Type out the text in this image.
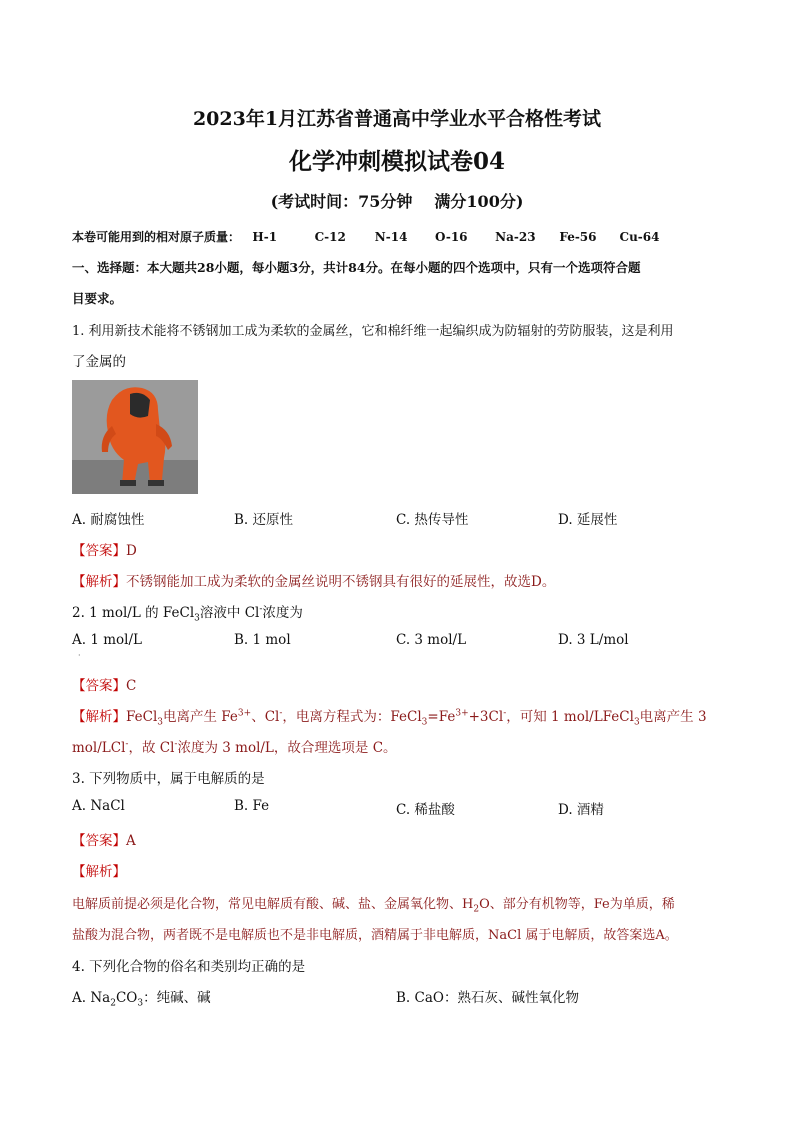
2023年1月江苏省普通高中学业水平合格性考试
化学冲刺模拟试卷04
(考试时间：75分钟 满分100分)
本卷可能用到的相对原子质量： H-1	C-12 N-14 O-16 Na-23 Fe-56 Cu-64
一、选择题：本大题共28小题，每小题3分，共计84分。在每小题的四个选项中，只有一个选项符合题
目要求。
1. 利用新技术能将不锈钢加工成为柔软的金属丝，它和棉纤维一起编织成为防辐射的劳防服装，这是利用
了金属的
A. 耐腐蚀性	B. 还原性	C. 热传导性	D. 延展性
【答案】D
【解析】不锈钢能加工成为柔软的金属丝说明不锈钢具有很好的延展性，故选D。
2. 1 mol/L 的 FeCl$_3$溶液中 Cl-浓度为
A. 1 mol/L	B. 1 mol	C. 3 mol/L	D. 3 L/mol
·
【答案】C
【解析】FeCl$_3$电离产生 $Fe^{3+}$、Cl-，电离方程式为：$FeCl_3=Fe^{3+}+3Cl^-$，可知 1 mol/LFeCl$_3$电离产生 3
mol/LCl-，故 Cl-浓度为 3 mol/L，故合理选项是 C。
3. 下列物质中，属于电解质的是
A. NaCl	B. Fe	C. 稀盐酸	D. 酒精
【答案】A
【解析】
电解质前提必须是化合物，常见电解质有酸、碱、盐、金属氧化物、$H_2O$、部分有机物等，Fe为单质，稀
盐酸为混合物，两者既不是电解质也不是非电解质，酒精属于非电解质，NaCl 属于电解质，故答案选A。
4. 下列化合物的俗名和类别均正确的是
A. $Na_2CO_3$：纯碱、碱	B. CaO：熟石灰、碱性氧化物
